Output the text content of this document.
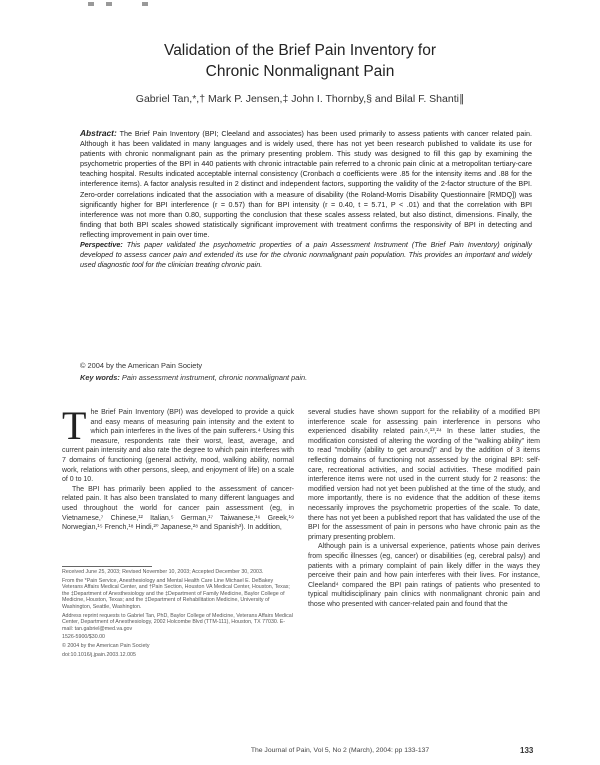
Validation of the Brief Pain Inventory for
Chronic Nonmalignant Pain
Gabriel Tan,*,† Mark P. Jensen,‡ John I. Thornby,§ and Bilal F. Shanti∥

Abstract: The Brief Pain Inventory (BPI; Cleeland and associates) has been used primarily to assess patients with cancer related pain. Although it has been validated in many languages and is widely used, there has not yet been research published to validate its use for patients with chronic nonmalignant pain as the primary presenting problem. This study was designed to fill this gap by examining the psychometric properties of the BPI in 440 patients with chronic intractable pain referred to a chronic pain clinic at a metropolitan tertiary-care teaching hospital. Results indicated acceptable internal consistency (Cronbach α coefficients were .85 for the intensity items and .88 for the interference items). A factor analysis resulted in 2 distinct and independent factors, supporting the validity of the 2-factor structure of the BPI. Zero-order correlations indicated that the association with a measure of disability (the Roland-Morris Disability Questionnaire [RMDQ]) was significantly higher for BPI interference (r = 0.57) than for BPI intensity (r = 0.40, t = 5.71, P < .01) and that the correlation with BPI interference was not more than 0.80, supporting the conclusion that these scales assess related, but also distinct, dimensions. Finally, the finding that both BPI scales showed statistically significant improvement with treatment confirms the responsivity of BPI in detecting and reflecting improvement in pain over time.

Perspective: This paper validated the psychometric properties of a pain Assessment Instrument (The Brief Pain Inventory) originally developed to assess cancer pain and extended its use for the chronic nonmalignant pain population. This provides an important and widely used diagnostic tool for the clinician treating chronic pain.

© 2004 by the American Pain Society
Key words: Pain assessment instrument, chronic nonmalignant pain.

The Brief Pain Inventory (BPI) was developed to provide a quick and easy means of measuring pain intensity and the extent to which pain interferes in the lives of the pain sufferers.⁴ Using this measure, respondents rate their worst, least, average, and current pain intensity and also rate the degree to which pain interferes with 7 domains of functioning (general activity, mood, walking ability, normal work, relations with other persons, sleep, and enjoyment of life) on a scale of 0 to 10.

The BPI has primarily been applied to the assessment of cancer-related pain. It has also been translated to many different languages and used throughout the world for cancer pain assessment (eg, in Vietnamese,⁷ Chinese,¹² Italian,⁵ German,¹⁷ Taiwanese,¹⁶ Greek,¹⁹ Norwegian,¹⁵ French,¹⁸ Hindi,²⁰ Japanese,²⁸ and Spanish³). In addition,

Received June 25, 2003; Revised November 10, 2003; Accepted December 30, 2003.

From the *Pain Service, Anesthesiology and Mental Health Care Line Michael E. DeBakey Veterans Affairs Medical Center, and †Pain Section, Houston VA Medical Center, Houston, Texas; the ‡Department of Anesthesiology and the ‡Department of Family Medicine, Baylor College of Medicine, Houston, Texas; and the ‡Department of Rehabilitation Medicine, University of Washington, Seattle, Washington.

Address reprint requests to Gabriel Tan, PhD, Baylor College of Medicine, Veterans Affairs Medical Center, Department of Anesthesiology, 2002 Holcombe Blvd (TTM-111), Houston, TX 77030. E-mail: tan.gabriel@med.va.gov

1526-5900/$30.00

© 2004 by the American Pain Society

doi:10.1016/j.jpain.2003.12.005

several studies have shown support for the reliability of a modified BPI interference scale for assessing pain interference in persons who experienced disability related pain.⁶,¹³,²⁴ In these latter studies, the modification consisted of altering the wording of the "walking ability" item to read "mobility (ability to get around)" and by the addition of 3 items reflecting domains of functioning not assessed by the original BPI: self-care, recreational activities, and social activities. These modified pain interference items were not used in the current study for 2 reasons: the modified version had not yet been published at the time of the study, and more importantly, there is no evidence that the addition of these items necessarily improves the psychometric properties of the scale. To date, there has not yet been a published report that has validated the use of the BPI for the assessment of pain in persons who have chronic pain as the primary presenting problem.

Although pain is a universal experience, patients whose pain derives from specific illnesses (eg, cancer) or disabilities (eg, cerebral palsy) and patients with a primary complaint of pain likely differ in the ways they perceive their pain and how pain interferes with their lives. For instance, Cleeland⁴ compared the BPI pain ratings of patients who presented to typical multidisciplinary pain clinics with nonmalignant chronic pain and those who presented with cancer-related pain and found that the

The Journal of Pain, Vol 5, No 2 (March), 2004: pp 133-137	133
